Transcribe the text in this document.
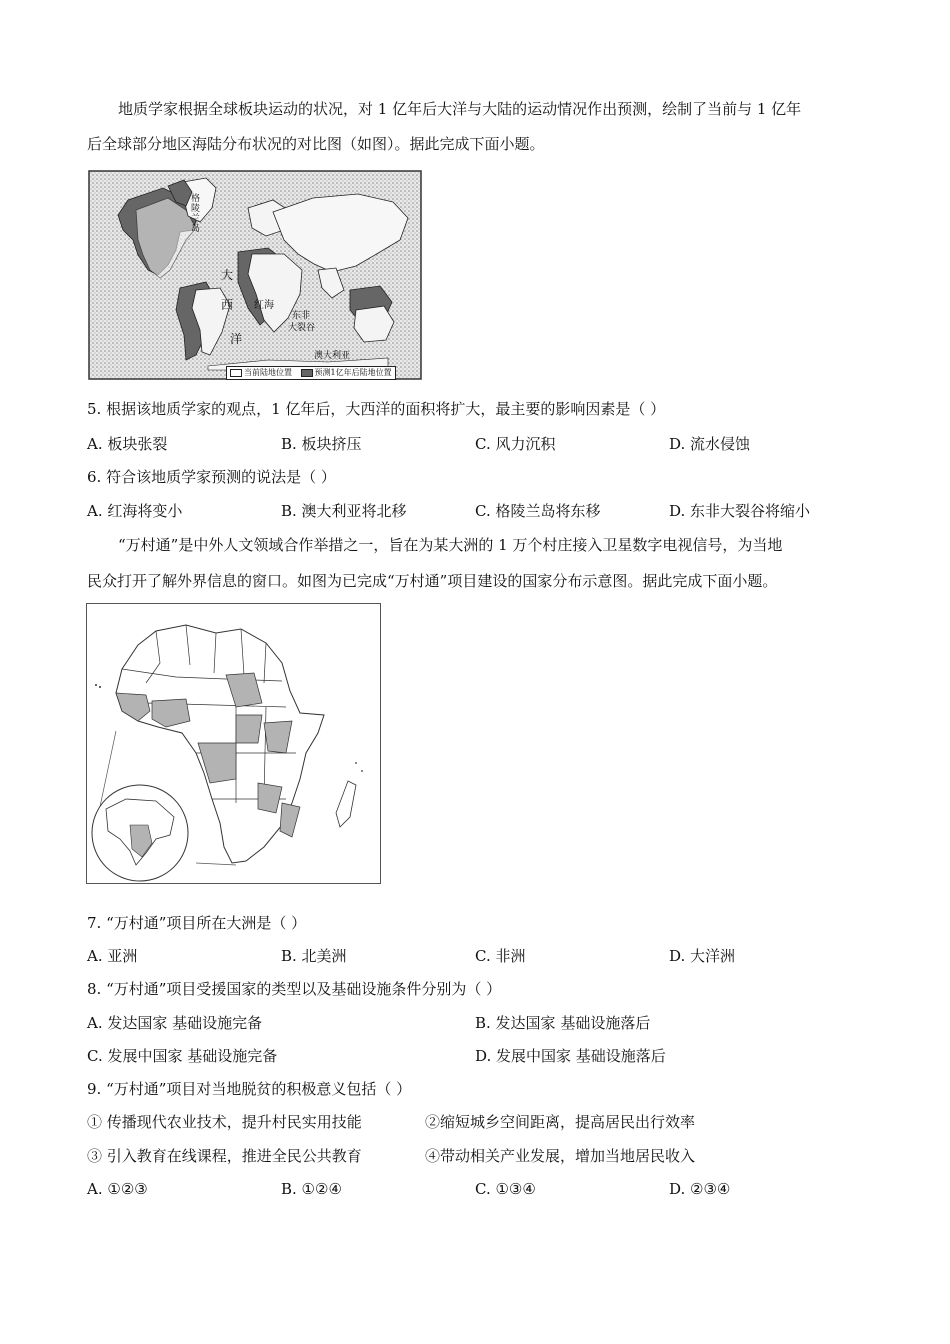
地质学家根据全球板块运动的状况，对 1 亿年后大洋与大陆的运动情况作出预测，绘制了当前与 1 亿年
后全球部分地区海陆分布状况的对比图（如图）。据此完成下面小题。
格陵兰岛
大
西
洋
红海
东非
大裂谷
澳大利亚
当前陆地位置	预测1亿年后陆地位置
5. 根据该地质学家的观点，1 亿年后，大西洋的面积将扩大，最主要的影响因素是（ ）
A. 板块张裂	B. 板块挤压	C. 风力沉积	D. 流水侵蚀
6. 符合该地质学家预测的说法是（ ）
A. 红海将变小	B. 澳大利亚将北移	C. 格陵兰岛将东移	D. 东非大裂谷将缩小
“万村通”是中外人文领域合作举措之一，旨在为某大洲的 1 万个村庄接入卫星数字电视信号，为当地
民众打开了解外界信息的窗口。如图为已完成“万村通”项目建设的国家分布示意图。据此完成下面小题。
7. “万村通”项目所在大洲是（ ）
A. 亚洲	B. 北美洲	C. 非洲	D. 大洋洲
8. “万村通”项目受援国家的类型以及基础设施条件分别为（ ）
A. 发达国家 基础设施完备	B. 发达国家 基础设施落后
C. 发展中国家 基础设施完备	D. 发展中国家 基础设施落后
9. “万村通”项目对当地脱贫的积极意义包括（ ）
① 传播现代农业技术，提升村民实用技能	②缩短城乡空间距离，提高居民出行效率
③ 引入教育在线课程，推进全民公共教育	④带动相关产业发展，增加当地居民收入
A. ①②③	B. ①②④	C. ①③④	D. ②③④
